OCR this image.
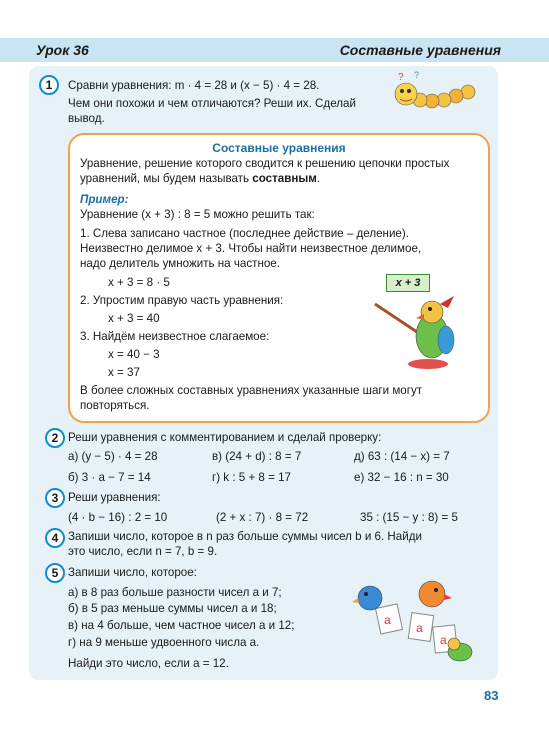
Урок 36	Составные уравнения
1	Сравни уравнения: m · 4 = 28 и (x − 5) · 4 = 28.
Чем они похожи и чем отличаются? Реши их. Сделай
вывод.
? ?
Составные уравнения
Уравнение, решение которого сводится к решению цепочки простых
уравнений, мы будем называть составным.
Пример:
Уравнение (x + 3) : 8 = 5 можно решить так:
1. Слева записано частное (последнее действие – деление).
Неизвестно делимое x + 3. Чтобы найти неизвестное делимое,
надо делитель умножить на частное.
x + 3 = 8 · 5	x + 3
2. Упростим правую часть уравнения:
x + 3 = 40
3. Найдём неизвестное слагаемое:
x = 40 − 3
x = 37
В более сложных составных уравнениях указанные шаги могут
повторяться.
2 Реши уравнения с комментированием и сделай проверку:
а) (y − 5) · 4 = 28	в) (24 + d) : 8 = 7	д) 63 : (14 − x) = 7
б) 3 · a − 7 = 14	г) k : 5 + 8 = 17	е) 32 − 16 : n = 30
3 Реши уравнения:
(4 · b − 16) : 2 = 10	(2 + x : 7) · 8 = 72	35 : (15 − y : 8) = 5
4 Запиши число, которое в n раз больше суммы чисел b и 6. Найди
это число, если n = 7, b = 9.
5 Запиши число, которое:
а) в 8 раз больше разности чисел a и 7;
б) в 5 раз меньше суммы чисел a и 18;
в) на 4 больше, чем частное чисел a и 12;
г) на 9 меньше удвоенного числа a.
Найди это число, если a = 12.
a
a
a
83
